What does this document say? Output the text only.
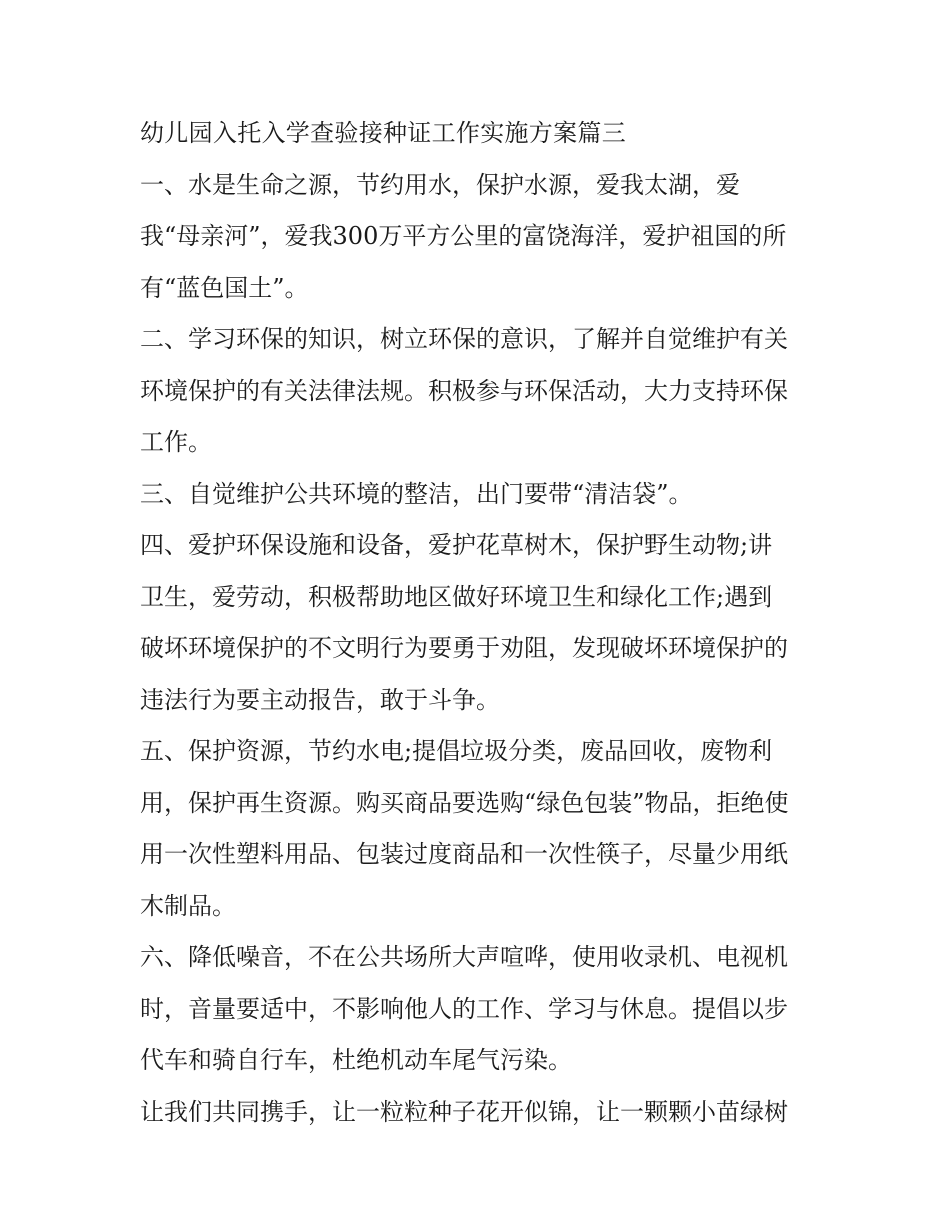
幼儿园入托入学查验接种证工作实施方案篇三
一、水是生命之源，节约用水，保护水源，爱我太湖，爱
我“母亲河”，爱我300万平方公里的富饶海洋，爱护祖国的所
有“蓝色国土”。
二、学习环保的知识，树立环保的意识，了解并自觉维护有关
环境保护的有关法律法规。积极参与环保活动，大力支持环保
工作。
三、自觉维护公共环境的整洁，出门要带“清洁袋”。
四、爱护环保设施和设备，爱护花草树木，保护野生动物;讲
卫生，爱劳动，积极帮助地区做好环境卫生和绿化工作;遇到
破坏环境保护的不文明行为要勇于劝阻，发现破坏环境保护的
违法行为要主动报告，敢于斗争。
五、保护资源，节约水电;提倡垃圾分类，废品回收，废物利
用，保护再生资源。购买商品要选购“绿色包装”物品，拒绝使
用一次性塑料用品、包装过度商品和一次性筷子，尽量少用纸
木制品。
六、降低噪音，不在公共场所大声喧哗，使用收录机、电视机
时，音量要适中，不影响他人的工作、学习与休息。提倡以步
代车和骑自行车，杜绝机动车尾气污染。
让我们共同携手，让一粒粒种子花开似锦，让一颗颗小苗绿树
